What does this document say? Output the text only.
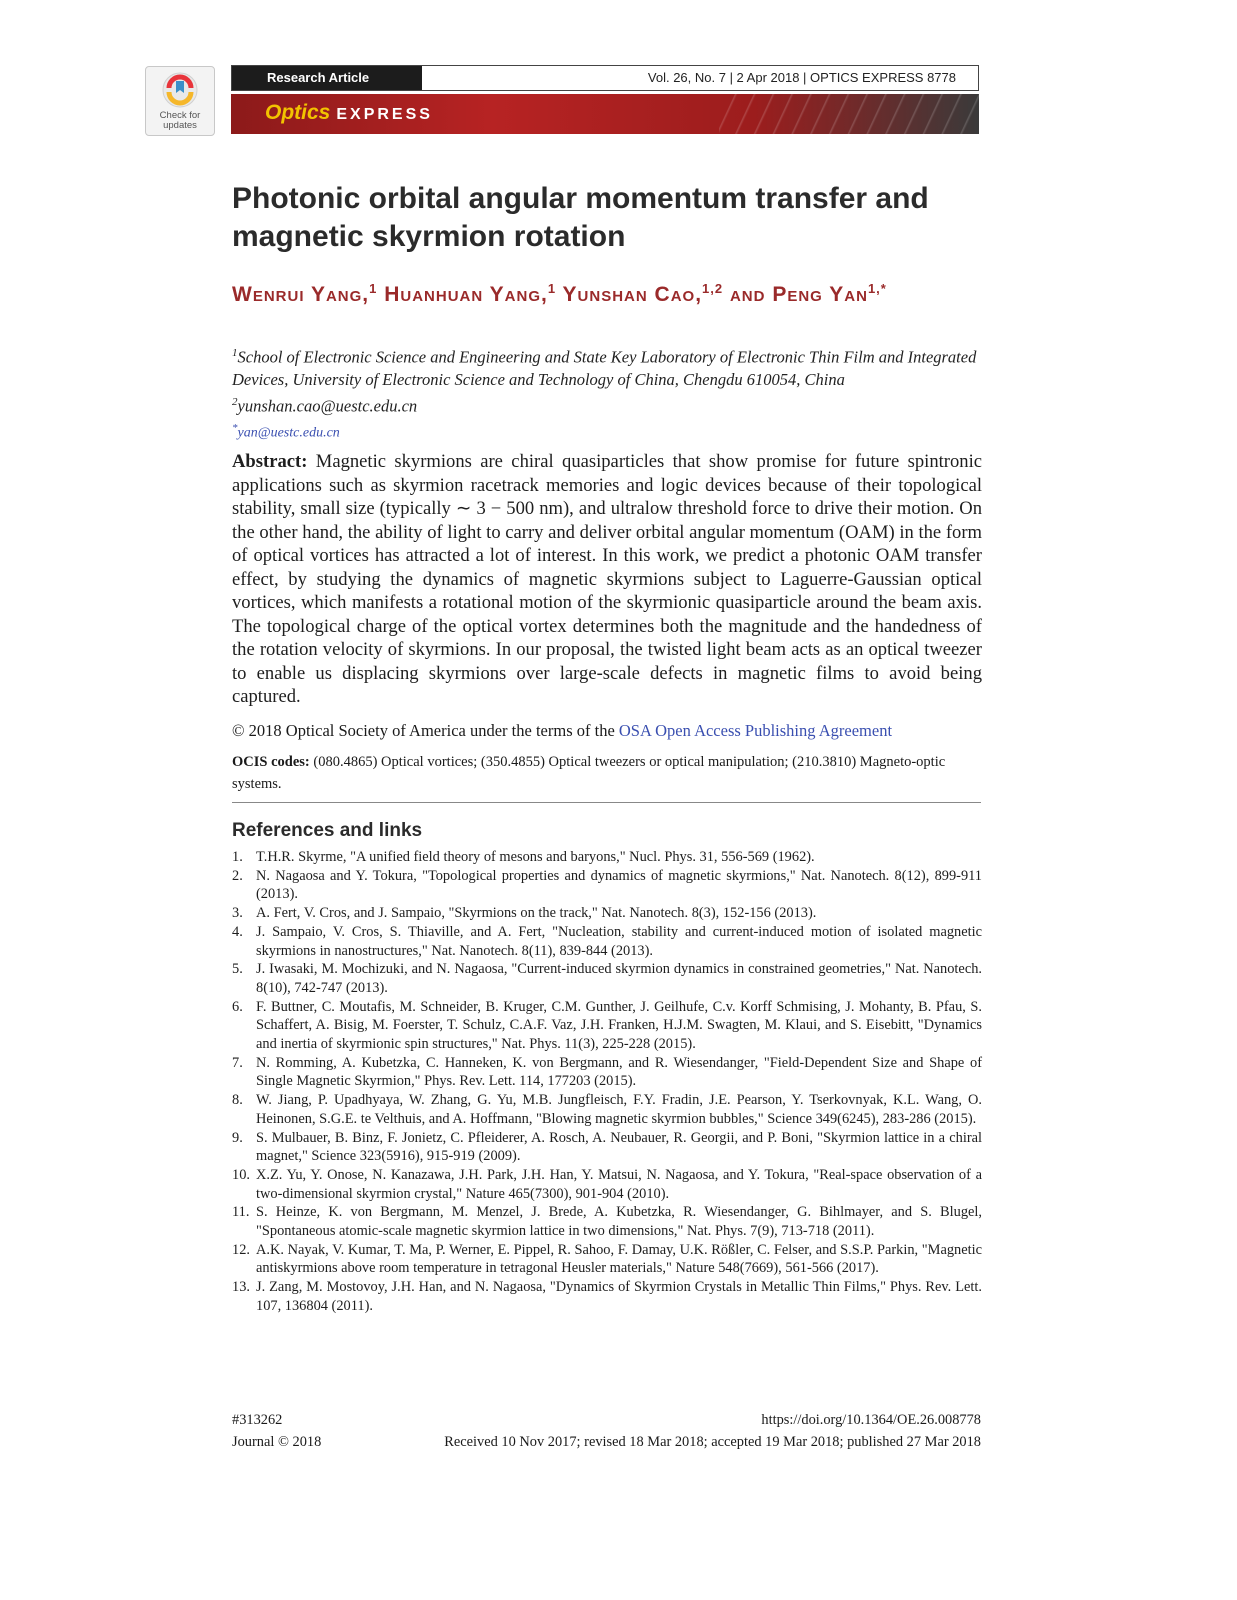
Check for
updates
Research Article	Vol. 26, No. 7 | 2 Apr 2018 | OPTICS EXPRESS 8778
Optics EXPRESS
Photonic orbital angular momentum transfer and magnetic skyrmion rotation
Wenrui Yang,$^1$ Huanhuan Yang,$^1$ Yunshan Cao,$^{1,2}$ and Peng Yan$^{1,*}$
$^1$School of Electronic Science and Engineering and State Key Laboratory of Electronic Thin Film and Integrated Devices, University of Electronic Science and Technology of China, Chengdu 610054, China
$^2$yunshan.cao@uestc.edu.cn
*yan@uestc.edu.cn

Abstract: Magnetic skyrmions are chiral quasiparticles that show promise for future spintronic applications such as skyrmion racetrack memories and logic devices because of their topological stability, small size (typically ∼ 3 − 500 nm), and ultralow threshold force to drive their motion. On the other hand, the ability of light to carry and deliver orbital angular momentum (OAM) in the form of optical vortices has attracted a lot of interest. In this work, we predict a photonic OAM transfer effect, by studying the dynamics of magnetic skyrmions subject to Laguerre-Gaussian optical vortices, which manifests a rotational motion of the skyrmionic quasiparticle around the beam axis. The topological charge of the optical vortex determines both the magnitude and the handedness of the rotation velocity of skyrmions. In our proposal, the twisted light beam acts as an optical tweezer to enable us displacing skyrmions over large-scale defects in magnetic films to avoid being captured.

© 2018 Optical Society of America under the terms of the OSA Open Access Publishing Agreement

OCIS codes: (080.4865) Optical vortices; (350.4855) Optical tweezers or optical manipulation; (210.3810) Magneto-optic systems.

References and links
1. T.H.R. Skyrme, "A unified field theory of mesons and baryons," Nucl. Phys. 31, 556-569 (1962).
2. N. Nagaosa and Y. Tokura, "Topological properties and dynamics of magnetic skyrmions," Nat. Nanotech. 8(12), 899-911 (2013).
3. A. Fert, V. Cros, and J. Sampaio, "Skyrmions on the track," Nat. Nanotech. 8(3), 152-156 (2013).
4. J. Sampaio, V. Cros, S. Thiaville, and A. Fert, "Nucleation, stability and current-induced motion of isolated magnetic skyrmions in nanostructures," Nat. Nanotech. 8(11), 839-844 (2013).
5. J. Iwasaki, M. Mochizuki, and N. Nagaosa, "Current-induced skyrmion dynamics in constrained geometries," Nat. Nanotech. 8(10), 742-747 (2013).
6. F. Buttner, C. Moutafis, M. Schneider, B. Kruger, C.M. Gunther, J. Geilhufe, C.v. Korff Schmising, J. Mohanty, B. Pfau, S. Schaffert, A. Bisig, M. Foerster, T. Schulz, C.A.F. Vaz, J.H. Franken, H.J.M. Swagten, M. Klaui, and S. Eisebitt, "Dynamics and inertia of skyrmionic spin structures," Nat. Phys. 11(3), 225-228 (2015).
7. N. Romming, A. Kubetzka, C. Hanneken, K. von Bergmann, and R. Wiesendanger, "Field-Dependent Size and Shape of Single Magnetic Skyrmion," Phys. Rev. Lett. 114, 177203 (2015).
8. W. Jiang, P. Upadhyaya, W. Zhang, G. Yu, M.B. Jungfleisch, F.Y. Fradin, J.E. Pearson, Y. Tserkovnyak, K.L. Wang, O. Heinonen, S.G.E. te Velthuis, and A. Hoffmann, "Blowing magnetic skyrmion bubbles," Science 349(6245), 283-286 (2015).
9. S. Mulbauer, B. Binz, F. Jonietz, C. Pfleiderer, A. Rosch, A. Neubauer, R. Georgii, and P. Boni, "Skyrmion lattice in a chiral magnet," Science 323(5916), 915-919 (2009).
10. X.Z. Yu, Y. Onose, N. Kanazawa, J.H. Park, J.H. Han, Y. Matsui, N. Nagaosa, and Y. Tokura, "Real-space observation of a two-dimensional skyrmion crystal," Nature 465(7300), 901-904 (2010).
11. S. Heinze, K. von Bergmann, M. Menzel, J. Brede, A. Kubetzka, R. Wiesendanger, G. Bihlmayer, and S. Blugel, "Spontaneous atomic-scale magnetic skyrmion lattice in two dimensions," Nat. Phys. 7(9), 713-718 (2011).
12. A.K. Nayak, V. Kumar, T. Ma, P. Werner, E. Pippel, R. Sahoo, F. Damay, U.K. Rößler, C. Felser, and S.S.P. Parkin, "Magnetic antiskyrmions above room temperature in tetragonal Heusler materials," Nature 548(7669), 561-566 (2017).
13. J. Zang, M. Mostovoy, J.H. Han, and N. Nagaosa, "Dynamics of Skyrmion Crystals in Metallic Thin Films," Phys. Rev. Lett. 107, 136804 (2011).
#313262	https://doi.org/10.1364/OE.26.008778
Journal © 2018	Received 10 Nov 2017; revised 18 Mar 2018; accepted 19 Mar 2018; published 27 Mar 2018
